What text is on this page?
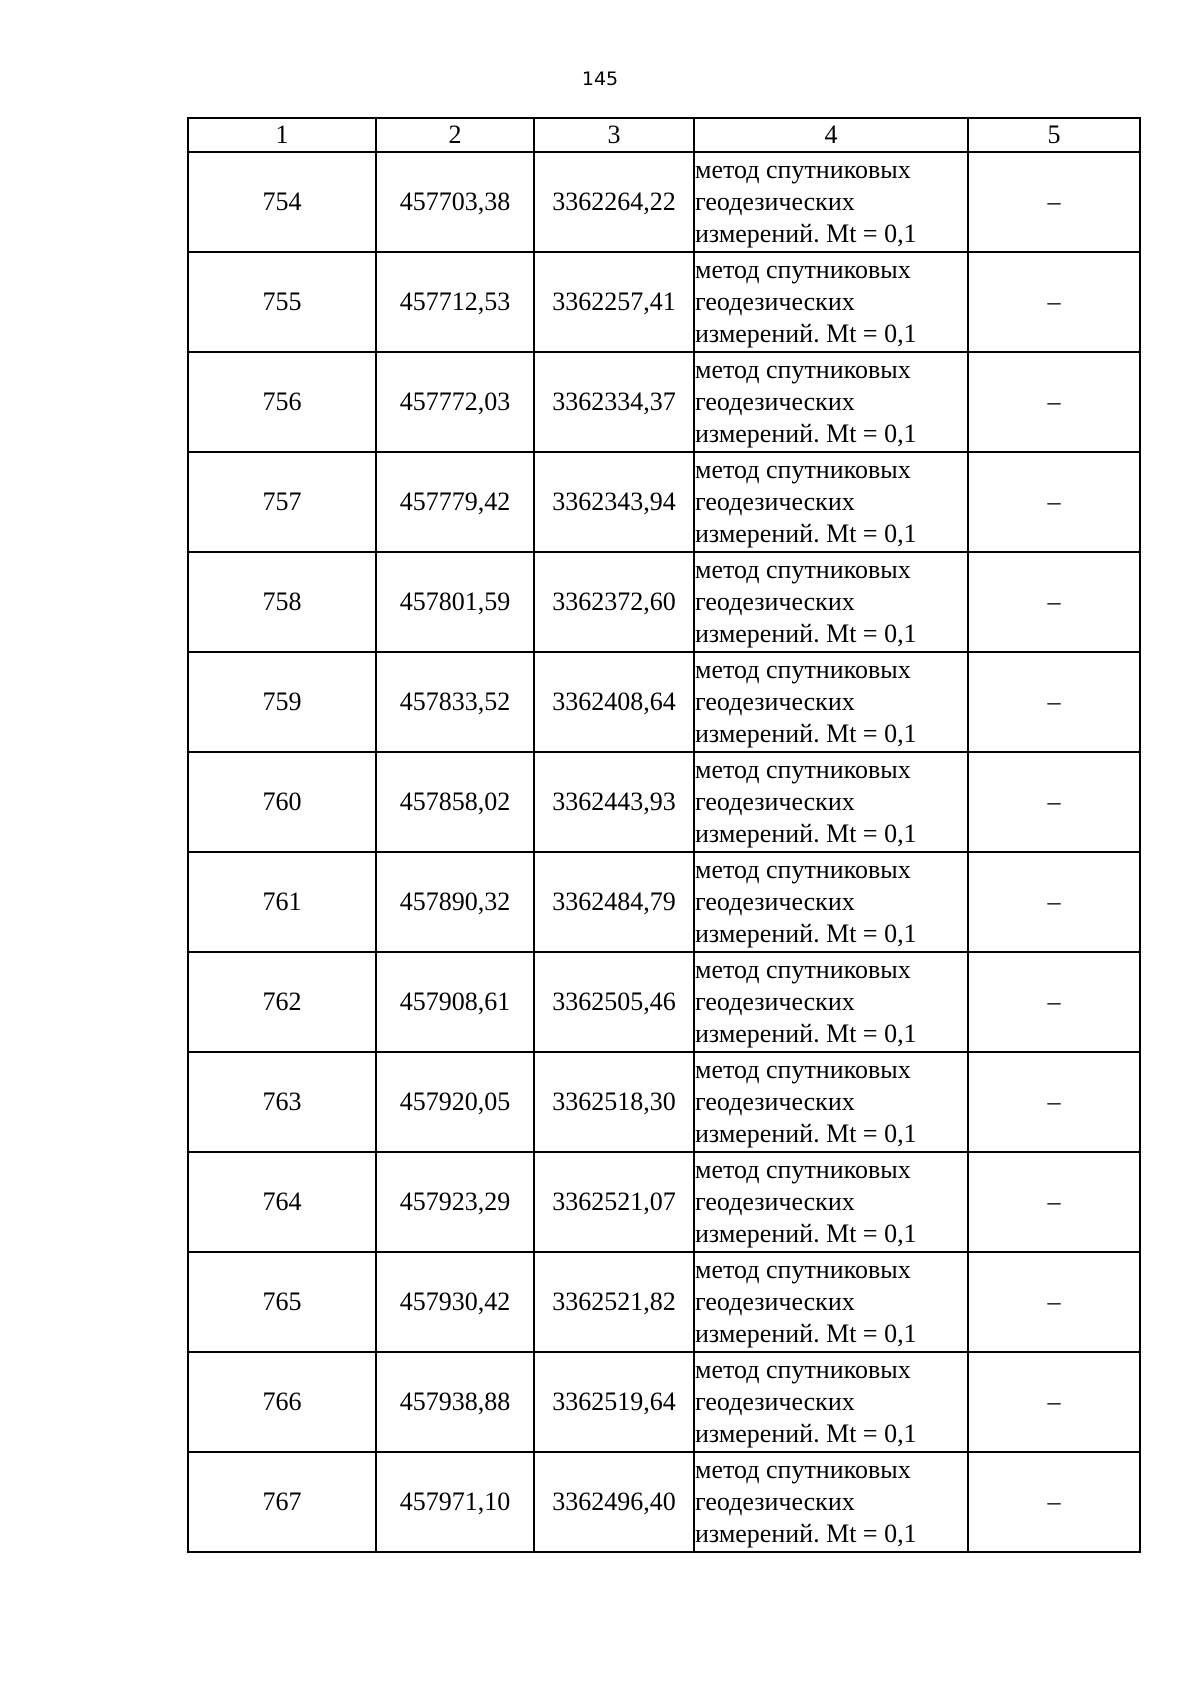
145
1	2	3	4	5
754	457703,38	3362264,22	метод спутниковых
геодезических
измерений. Mt = 0,1	–
755	457712,53	3362257,41	метод спутниковых
геодезических
измерений. Mt = 0,1	–
756	457772,03	3362334,37	метод спутниковых
геодезических
измерений. Mt = 0,1	–
757	457779,42	3362343,94	метод спутниковых
геодезических
измерений. Mt = 0,1	–
758	457801,59	3362372,60	метод спутниковых
геодезических
измерений. Mt = 0,1	–
759	457833,52	3362408,64	метод спутниковых
геодезических
измерений. Mt = 0,1	–
760	457858,02	3362443,93	метод спутниковых
геодезических
измерений. Mt = 0,1	–
761	457890,32	3362484,79	метод спутниковых
геодезических
измерений. Mt = 0,1	–
762	457908,61	3362505,46	метод спутниковых
геодезических
измерений. Mt = 0,1	–
763	457920,05	3362518,30	метод спутниковых
геодезических
измерений. Mt = 0,1	–
764	457923,29	3362521,07	метод спутниковых
геодезических
измерений. Mt = 0,1	–
765	457930,42	3362521,82	метод спутниковых
геодезических
измерений. Mt = 0,1	–
766	457938,88	3362519,64	метод спутниковых
геодезических
измерений. Mt = 0,1	–
767	457971,10	3362496,40	метод спутниковых
геодезических
измерений. Mt = 0,1	–
